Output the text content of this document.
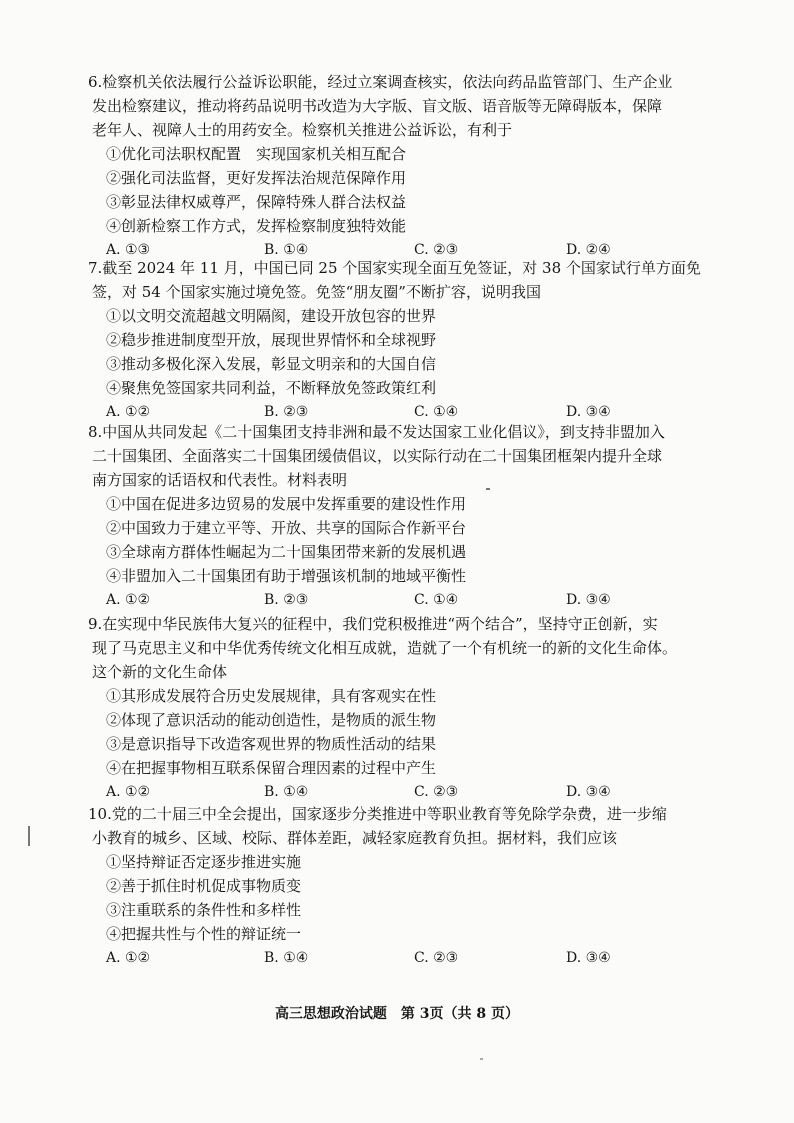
6.检察机关依法履行公益诉讼职能，经过立案调查核实，依法向药品监管部门、生产企业
发出检察建议，推动将药品说明书改造为大字版、盲文版、语音版等无障碍版本，保障
老年人、视障人士的用药安全。检察机关推进公益诉讼，有利于
①优化司法职权配置　实现国家机关相互配合
②强化司法监督，更好发挥法治规范保障作用
③彰显法律权威尊严，保障特殊人群合法权益
④创新检察工作方式，发挥检察制度独特效能
A. ①③	B. ①④	C. ②③	D. ②④
7.截至 2024 年 11 月，中国已同 25 个国家实现全面互免签证，对 38 个国家试行单方面免
签，对 54 个国家实施过境免签。免签“朋友圈”不断扩容，说明我国
①以文明交流超越文明隔阂，建设开放包容的世界
②稳步推进制度型开放，展现世界情怀和全球视野
③推动多极化深入发展，彰显文明亲和的大国自信
④聚焦免签国家共同利益，不断释放免签政策红利
A. ①②	B. ②③	C. ①④	D. ③④
8.中国从共同发起《二十国集团支持非洲和最不发达国家工业化倡议》，到支持非盟加入
二十国集团、全面落实二十国集团缓债倡议，以实际行动在二十国集团框架内提升全球
南方国家的话语权和代表性。材料表明
①中国在促进多边贸易的发展中发挥重要的建设性作用
②中国致力于建立平等、开放、共享的国际合作新平台
③全球南方群体性崛起为二十国集团带来新的发展机遇
④非盟加入二十国集团有助于增强该机制的地域平衡性
A. ①②	B. ②③	C. ①④	D. ③④
9.在实现中华民族伟大复兴的征程中，我们党积极推进“两个结合”，坚持守正创新，实
现了马克思主义和中华优秀传统文化相互成就，造就了一个有机统一的新的文化生命体。
这个新的文化生命体
①其形成发展符合历史发展规律，具有客观实在性
②体现了意识活动的能动创造性，是物质的派生物
③是意识指导下改造客观世界的物质性活动的结果
④在把握事物相互联系保留合理因素的过程中产生
A. ①②	B. ①④	C. ②③	D. ③④
10.党的二十届三中全会提出，国家逐步分类推进中等职业教育等免除学杂费，进一步缩
小教育的城乡、区域、校际、群体差距，减轻家庭教育负担。据材料，我们应该
①坚持辩证否定逐步推进实施
②善于抓住时机促成事物质变
③注重联系的条件性和多样性
④把握共性与个性的辩证统一
A. ①②	B. ①④	C. ②③	D. ③④
高三思想政治试题　第 3页（共 8 页）
